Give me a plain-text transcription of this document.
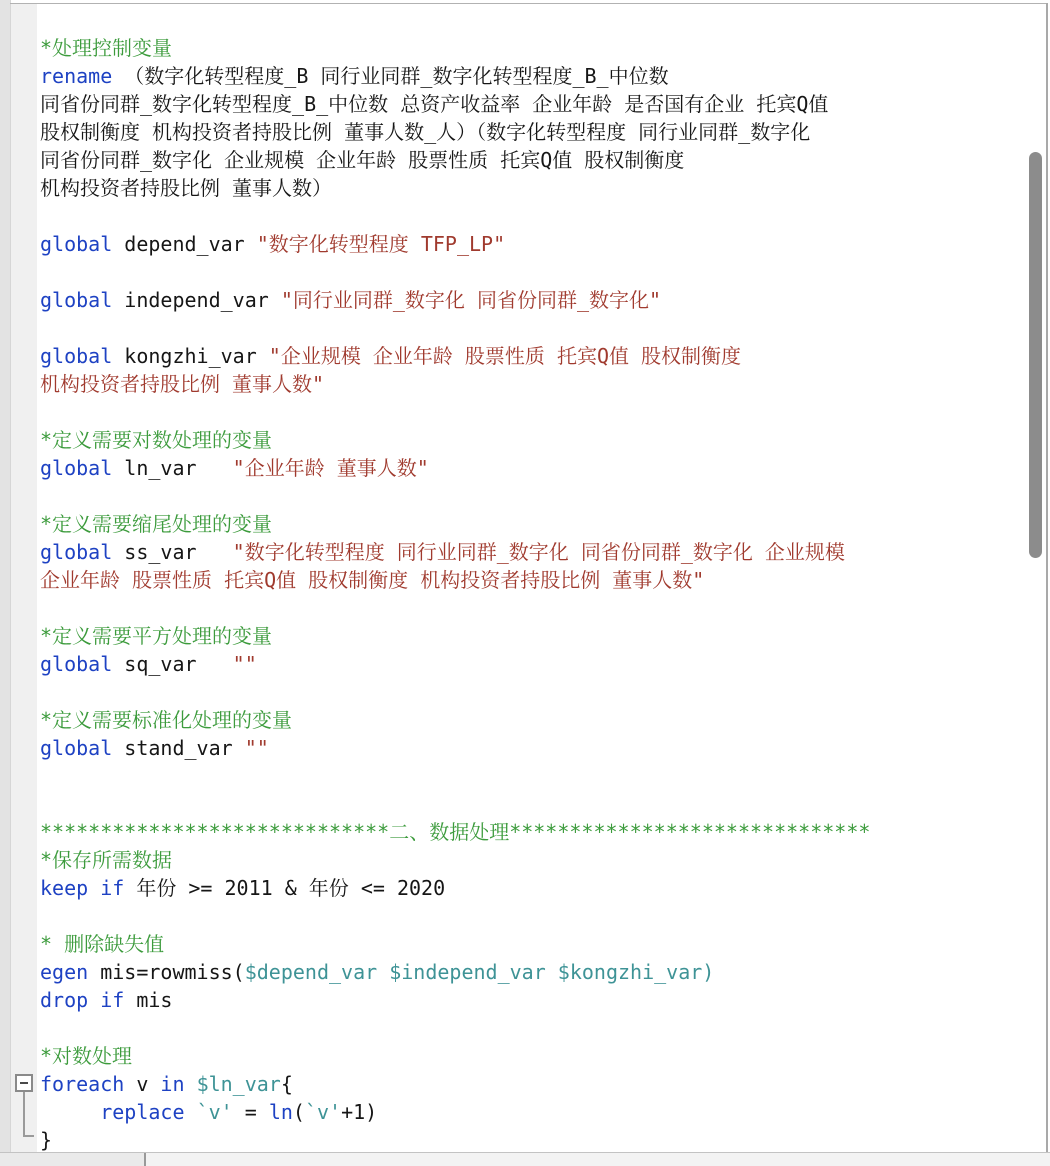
*处理控制变量
rename （数字化转型程度_B 同行业同群_数字化转型程度_B_中位数
同省份同群_数字化转型程度_B_中位数 总资产收益率 企业年龄 是否国有企业 托宾Q值
股权制衡度 机构投资者持股比例 董事人数_人）（数字化转型程度 同行业同群_数字化
同省份同群_数字化 企业规模 企业年龄 股票性质 托宾Q值 股权制衡度
机构投资者持股比例 董事人数）
global depend_var "数字化转型程度 TFP_LP"
global independ_var "同行业同群_数字化 同省份同群_数字化"
global kongzhi_var "企业规模 企业年龄 股票性质 托宾Q值 股权制衡度
机构投资者持股比例 董事人数"
*定义需要对数处理的变量
global ln_var   "企业年龄 董事人数"
*定义需要缩尾处理的变量
global ss_var   "数字化转型程度 同行业同群_数字化 同省份同群_数字化 企业规模
企业年龄 股票性质 托宾Q值 股权制衡度 机构投资者持股比例 董事人数"
*定义需要平方处理的变量
global sq_var   ""
*定义需要标准化处理的变量
global stand_var ""
*****************************二、数据处理******************************
*保存所需数据
keep if 年份 >= 2011 & 年份 <= 2020
* 删除缺失值
egen mis=rowmiss($depend_var $independ_var $kongzhi_var)
drop if mis
*对数处理
foreach v in $ln_var{
replace `v' = ln(`v'+1)
}
